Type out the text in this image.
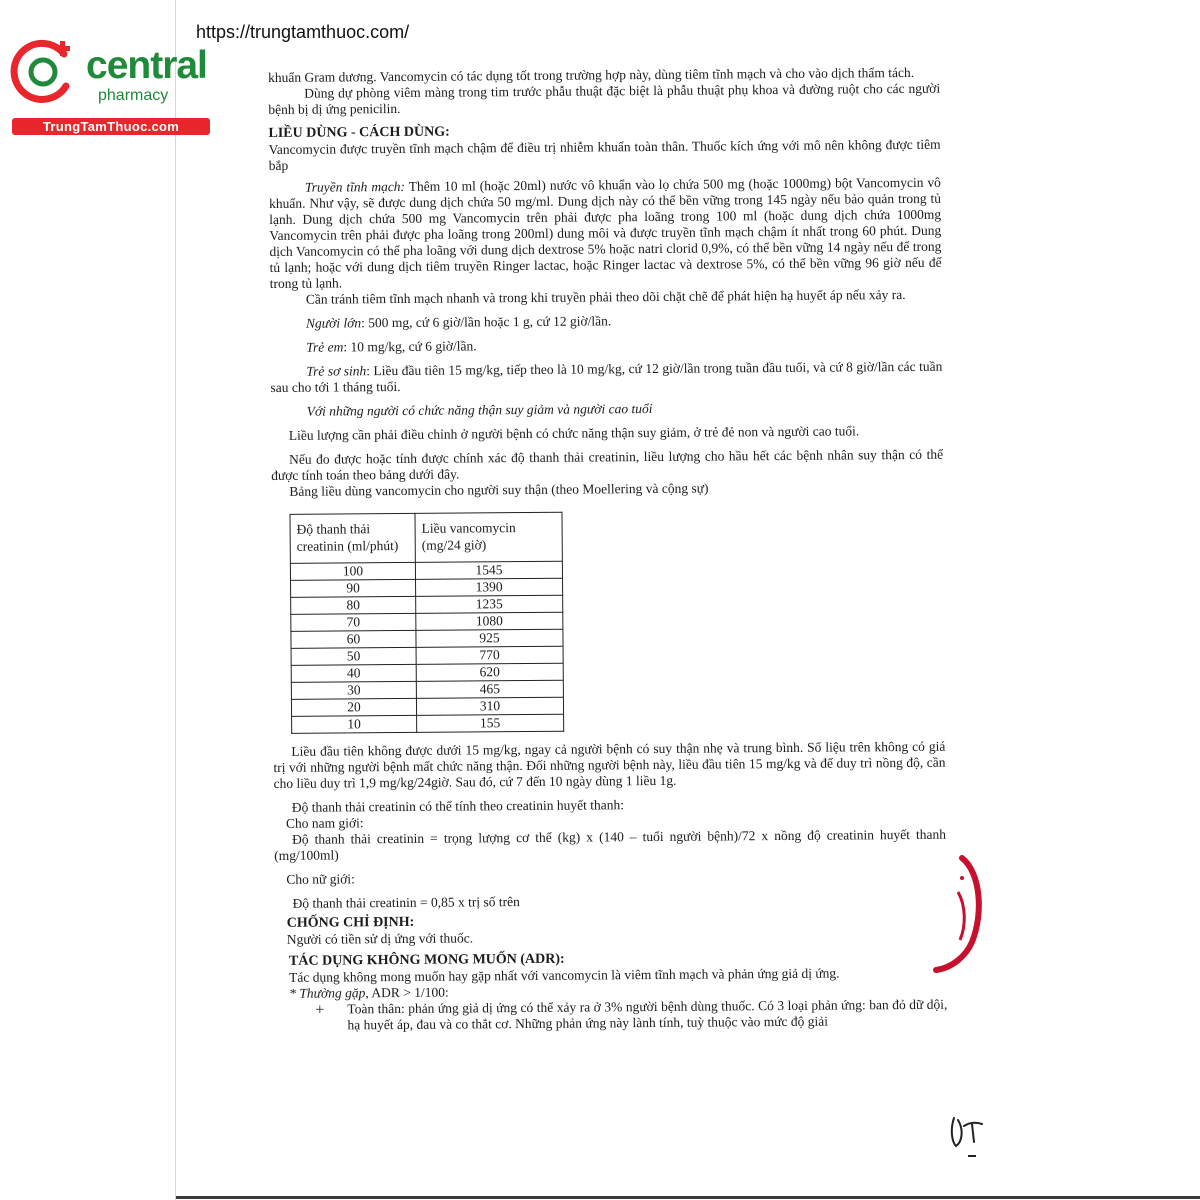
https://trungtamthuoc.com/
central
pharmacy
TrungTamThuoc.com

khuẩn Gram dương. Vancomycin có tác dụng tốt trong trường hợp này, dùng tiêm tĩnh mạch và cho vào dịch thẩm tách.

Dùng dự phòng viêm màng trong tim trước phẫu thuật đặc biệt là phẫu thuật phụ khoa và đường ruột cho các người bệnh bị dị ứng penicilin.

LIỀU DÙNG - CÁCH DÙNG:

Vancomycin được truyền tĩnh mạch chậm để điều trị nhiễm khuẩn toàn thân. Thuốc kích ứng với mô nên không được tiêm bắp

Truyền tĩnh mạch: Thêm 10 ml (hoặc 20ml) nước vô khuẩn vào lọ chứa 500 mg (hoặc 1000mg) bột Vancomycin vô khuẩn. Như vậy, sẽ được dung dịch chứa 50 mg/ml. Dung dịch này có thể bền vững trong 145 ngày nếu bảo quản trong tủ lạnh. Dung dịch chứa 500 mg Vancomycin trên phải được pha loãng trong 100 ml (hoặc dung dịch chứa 1000mg Vancomycin trên phải được pha loãng trong 200ml) dung môi và được truyền tĩnh mạch chậm ít nhất trong 60 phút. Dung dịch Vancomycin có thể pha loãng với dung dịch dextrose 5% hoặc natri clorid 0,9%, có thể bền vững 14 ngày nếu để trong tủ lạnh; hoặc với dung dịch tiêm truyền Ringer lactac, hoặc Ringer lactac và dextrose 5%, có thể bền vững 96 giờ nếu để trong tủ lạnh.

Cần tránh tiêm tĩnh mạch nhanh và trong khi truyền phải theo dõi chặt chẽ để phát hiện hạ huyết áp nếu xảy ra.

Người lớn: 500 mg, cứ 6 giờ/lần hoặc 1 g, cứ 12 giờ/lần.

Trẻ em: 10 mg/kg, cứ 6 giờ/lần.

Trẻ sơ sinh: Liều đầu tiên 15 mg/kg, tiếp theo là 10 mg/kg, cứ 12 giờ/lần trong tuần đầu tuổi, và cứ 8 giờ/lần các tuần sau cho tới 1 tháng tuổi.

Với những người có chức năng thận suy giảm và người cao tuổi

Liều lượng cần phải điều chỉnh ở người bệnh có chức năng thận suy giảm, ở trẻ đẻ non và người cao tuổi.

Nếu đo được hoặc tính được chính xác độ thanh thải creatinin, liều lượng cho hầu hết các bệnh nhân suy thận có thể được tính toán theo bảng dưới đây.

Bảng liều dùng vancomycin cho người suy thận (theo Moellering và cộng sự)

Độ thanh thải creatinin (ml/phút)	Liều vancomycin (mg/24 giờ)
100	1545
90	1390
80	1235
70	1080
60	925
50	770
40	620
30	465
20	310
10	155

Liều đầu tiên không được dưới 15 mg/kg, ngay cả người bệnh có suy thận nhẹ và trung bình. Số liệu trên không có giá trị với những người bệnh mất chức năng thận. Đối những người bệnh này, liều đầu tiên 15 mg/kg và để duy trì nồng độ, cần cho liều duy trì 1,9 mg/kg/24giờ. Sau đó, cứ 7 đến 10 ngày dùng 1 liều 1g.

Độ thanh thải creatinin có thể tính theo creatinin huyết thanh:

Cho nam giới:

Độ thanh thải creatinin = trọng lượng cơ thể (kg) x (140 – tuổi người bệnh)/72 x nồng độ creatinin huyết thanh (mg/100ml)

Cho nữ giới:

Độ thanh thải creatinin = 0,85 x trị số trên

CHỐNG CHỈ ĐỊNH:

Người có tiền sử dị ứng với thuốc.

TÁC DỤNG KHÔNG MONG MUỐN (ADR):

Tác dụng không mong muốn hay gặp nhất với vancomycin là viêm tĩnh mạch và phản ứng giả dị ứng.

* Thường gặp, ADR > 1/100:

+	Toàn thân: phản ứng giả dị ứng có thể xảy ra ở 3% người bệnh dùng thuốc. Có 3 loại phản ứng: ban đỏ dữ dội, hạ huyết áp, đau và co thắt cơ. Những phản ứng này lành tính, tuỳ thuộc vào mức độ giải
